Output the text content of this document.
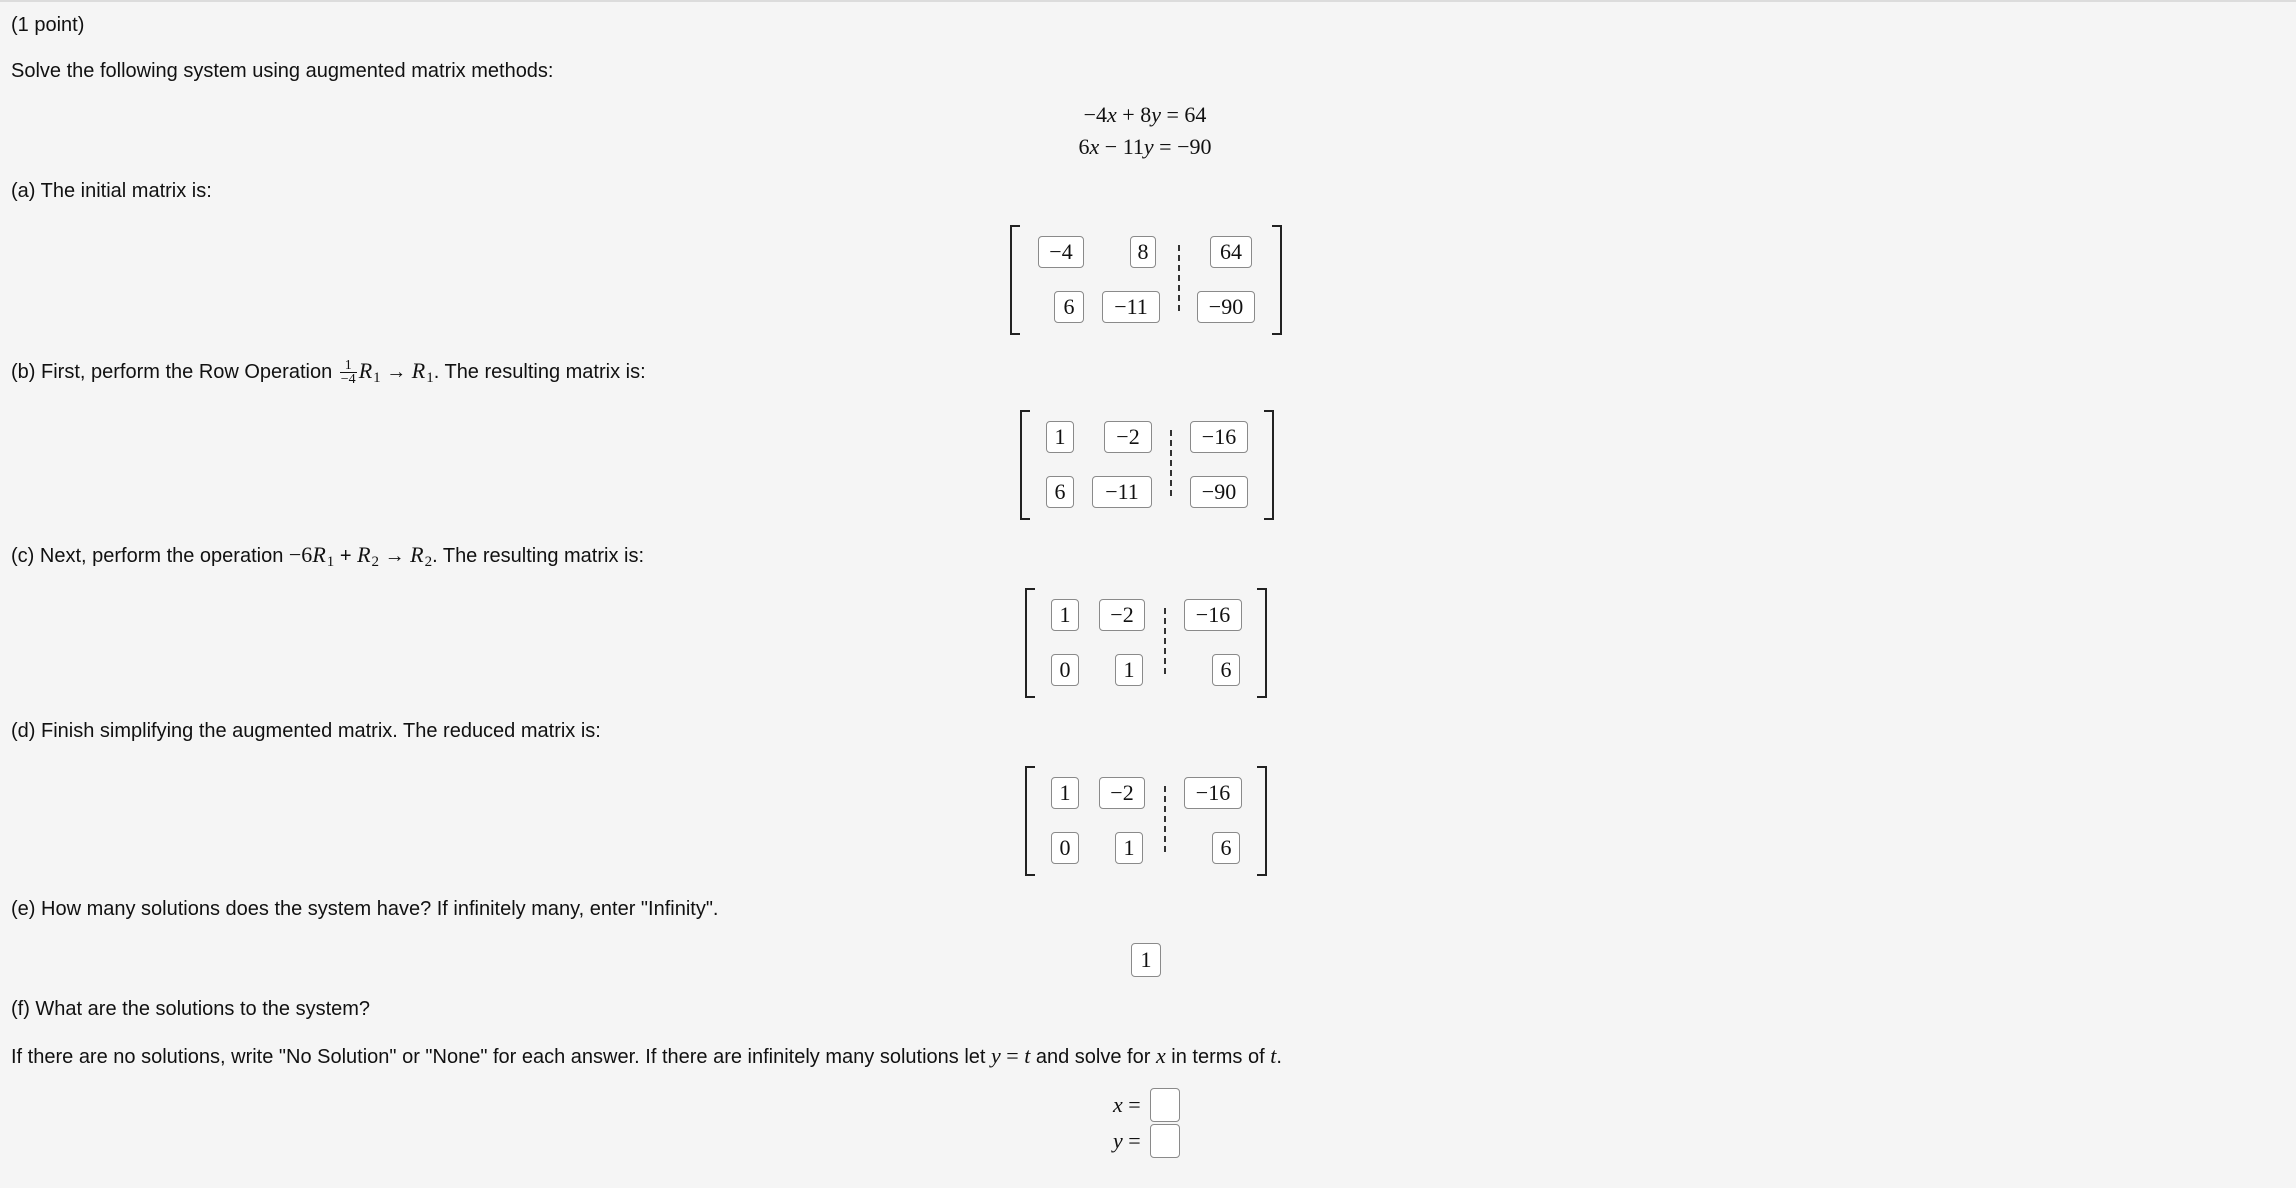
(1 point)
Solve the following system using augmented matrix methods:
−4x + 8y = 64
6x − 11y = −90
(a) The initial matrix is:
−4	8	64
6	−11	−90
(b) First, perform the Row Operation $\frac{1}{-4} R_1 \to R_1$. The resulting matrix is:
1	−2	−16
6	−11	−90
(c) Next, perform the operation $-6R_1 + R_2 \to R_2$. The resulting matrix is:
1	−2	−16
0	1	6
(d) Finish simplifying the augmented matrix. The reduced matrix is:
1	−2	−16
0	1	6
(e) How many solutions does the system have? If infinitely many, enter "Infinity".
1
(f) What are the solutions to the system?
If there are no solutions, write "No Solution" or "None" for each answer. If there are infinitely many solutions let y = t and solve for x in terms of t.
x =
y =
